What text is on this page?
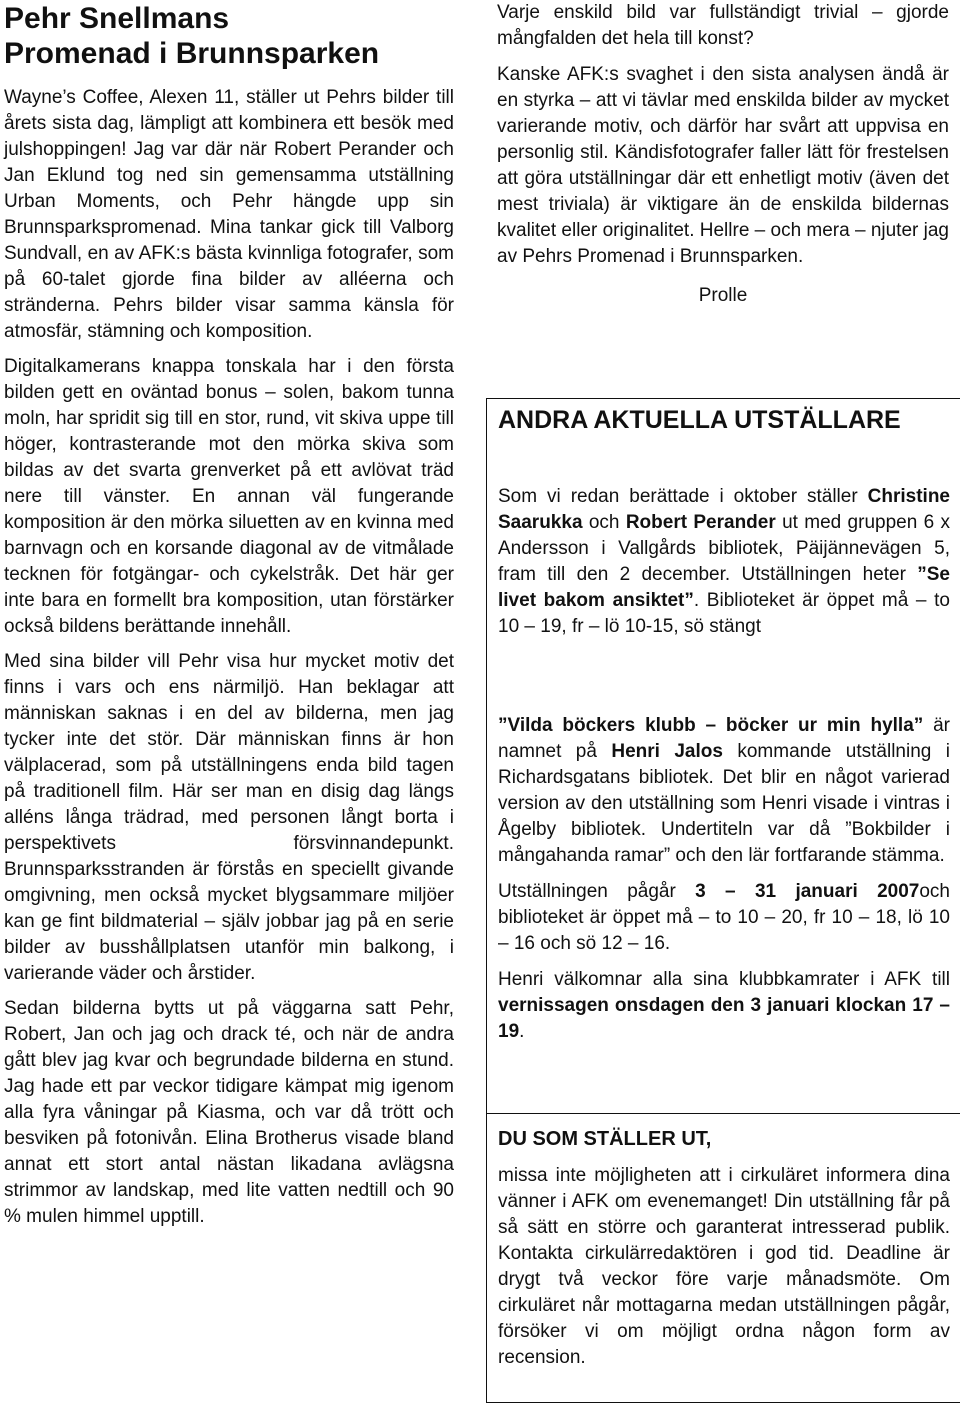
Pehr Snellmans
Promenad i Brunnsparken

Wayne’s Coffee, Alexen 11, ställer ut Pehrs bilder till årets sista dag, lämpligt att kombinera ett besök med julshoppingen! Jag var där när Robert Perander och Jan Eklund tog ned sin gemensamma utställning Urban Moments, och Pehr hängde upp sin Brunnsparkspromenad. Mina tankar gick till Valborg Sundvall, en av AFK:s bästa kvinnliga fotografer, som på 60-talet gjorde fina bilder av alléerna och stränderna. Pehrs bilder visar samma känsla för atmosfär, stämning och komposition.

Digitalkamerans knappa tonskala har i den första bilden gett en oväntad bonus – solen, bakom tunna moln, har spridit sig till en stor, rund, vit skiva uppe till höger, kontrasterande mot den mörka skiva som bildas av det svarta grenverket på ett avlövat träd nere till vänster. En annan väl fungerande komposition är den mörka siluetten av en kvinna med barnvagn och en korsande diagonal av de vitmålade tecknen för fotgängar- och cykelstråk. Det här ger inte bara en formellt bra komposition, utan förstärker också bildens berättande innehåll.

Med sina bilder vill Pehr visa hur mycket motiv det finns i vars och ens närmiljö. Han beklagar att människan saknas i en del av bilderna, men jag tycker inte det stör. Där människan finns är hon välplacerad, som på utställningens enda bild tagen på traditionell film. Här ser man en disig dag längs alléns långa trädrad, med personen långt borta i perspektivets försvinnandepunkt. Brunnsparksstranden är förstås en speciellt givande omgivning, men också mycket blygsammare miljöer kan ge fint bildmaterial – själv jobbar jag på en serie bilder av busshållplatsen utanför min balkong, i varierande väder och årstider.

Sedan bilderna bytts ut på väggarna satt Pehr, Robert, Jan och jag och drack té, och när de andra gått blev jag kvar och begrundade bilderna en stund. Jag hade ett par veckor tidigare kämpat mig igenom alla fyra våningar på Kiasma, och var då trött och besviken på fotonivån. Elina Brotherus visade bland annat ett stort antal nästan likadana avlägsna strimmor av landskap, med lite vatten nedtill och 90 % mulen himmel upptill.

Varje enskild bild var fullständigt trivial – gjorde mångfalden det hela till konst?

Kanske AFK:s svaghet i den sista analysen ändå är en styrka – att vi tävlar med enskilda bilder av mycket varierande motiv, och därför har svårt att uppvisa en personlig stil. Kändisfotografer faller lätt för frestelsen att göra utställningar där ett enhetligt motiv (även det mest triviala) är viktigare än de enskilda bildernas kvalitet eller originalitet. Hellre – och mera – njuter jag av Pehrs Promenad i Brunnsparken.

Prolle

ANDRA AKTUELLA UTSTÄLLARE

Som vi redan berättade i oktober ställer Christine Saarukka och Robert Perander ut med gruppen 6 x Andersson i Vallgårds bibliotek, Päijännevägen 5, fram till den 2 december. Utställningen heter ”Se livet bakom ansiktet”. Biblioteket är öppet må – to 10 – 19, fr – lö 10-15, sö stängt

”Vilda böckers klubb – böcker ur min hylla” är namnet på Henri Jalos kommande utställning i Richardsgatans bibliotek. Det blir en något varierad version av den utställning som Henri visade i vintras i Ågelby bibliotek. Undertiteln var då ”Bokbilder i mångahanda ramar” och den lär fortfarande stämma.

Utställningen pågår 3 – 31 januari 2007och biblioteket är öppet må – to 10 – 20, fr 10 – 18, lö 10 – 16 och sö 12 – 16.

Henri välkomnar alla sina klubbkamrater i AFK till vernissagen onsdagen den 3 januari klockan 17 – 19.

DU SOM STÄLLER UT,

missa inte möjligheten att i cirkuläret informera dina vänner i AFK om evenemanget! Din utställning får på så sätt en större och garanterat intresserad publik. Kontakta cirkulärredaktören i god tid. Deadline är drygt två veckor före varje månadsmöte. Om cirkuläret når mottagarna medan utställningen pågår, försöker vi om möjligt ordna någon form av recension.
